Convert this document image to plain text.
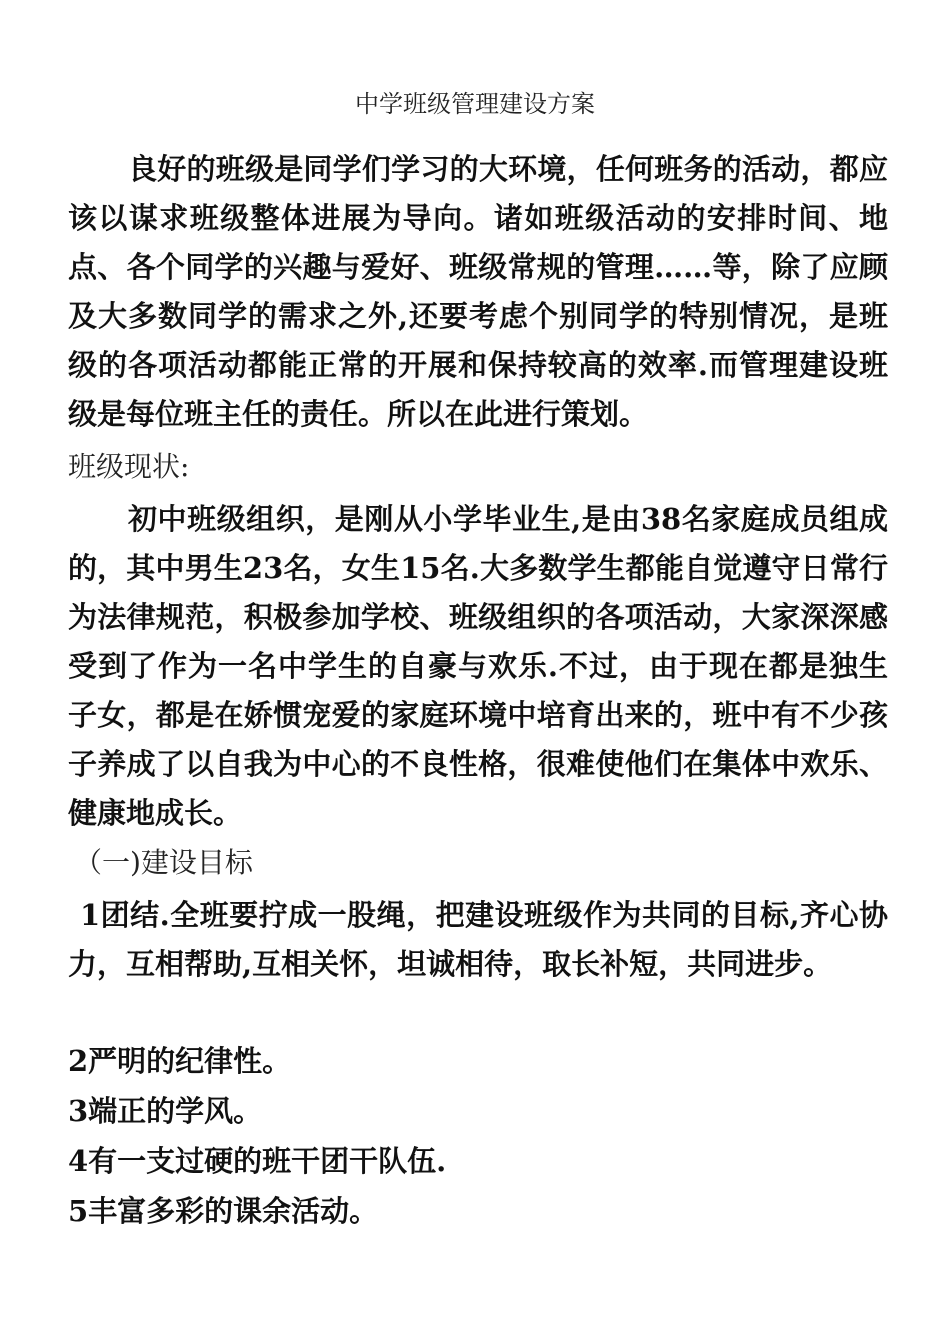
中学班级管理建设方案
良好的班级是同学们学习的大环境，任何班务的活动，都应该以谋求班级整体进展为导向。诸如班级活动的安排时间、地点、各个同学的兴趣与爱好、班级常规的管理……等，除了应顾及大多数同学的需求之外,还要考虑个别同学的特别情况，是班级的各项活动都能正常的开展和保持较高的效率.而管理建设班级是每位班主任的责任。所以在此进行策划。
班级现状:
初中班级组织，是刚从小学毕业生,是由38名家庭成员组成的，其中男生23名，女生15名.大多数学生都能自觉遵守日常行为法律规范，积极参加学校、班级组织的各项活动，大家深深感受到了作为一名中学生的自豪与欢乐.不过，由于现在都是独生子女，都是在娇惯宠爱的家庭环境中培育出来的，班中有不少孩子养成了以自我为中心的不良性格，很难使他们在集体中欢乐、健康地成长。
（一)建设目标
1团结.全班要拧成一股绳，把建设班级作为共同的目标,齐心协力，互相帮助,互相关怀，坦诚相待，取长补短，共同进步。
2严明的纪律性。
3端正的学风。
4有一支过硬的班干团干队伍.
5丰富多彩的课余活动。
